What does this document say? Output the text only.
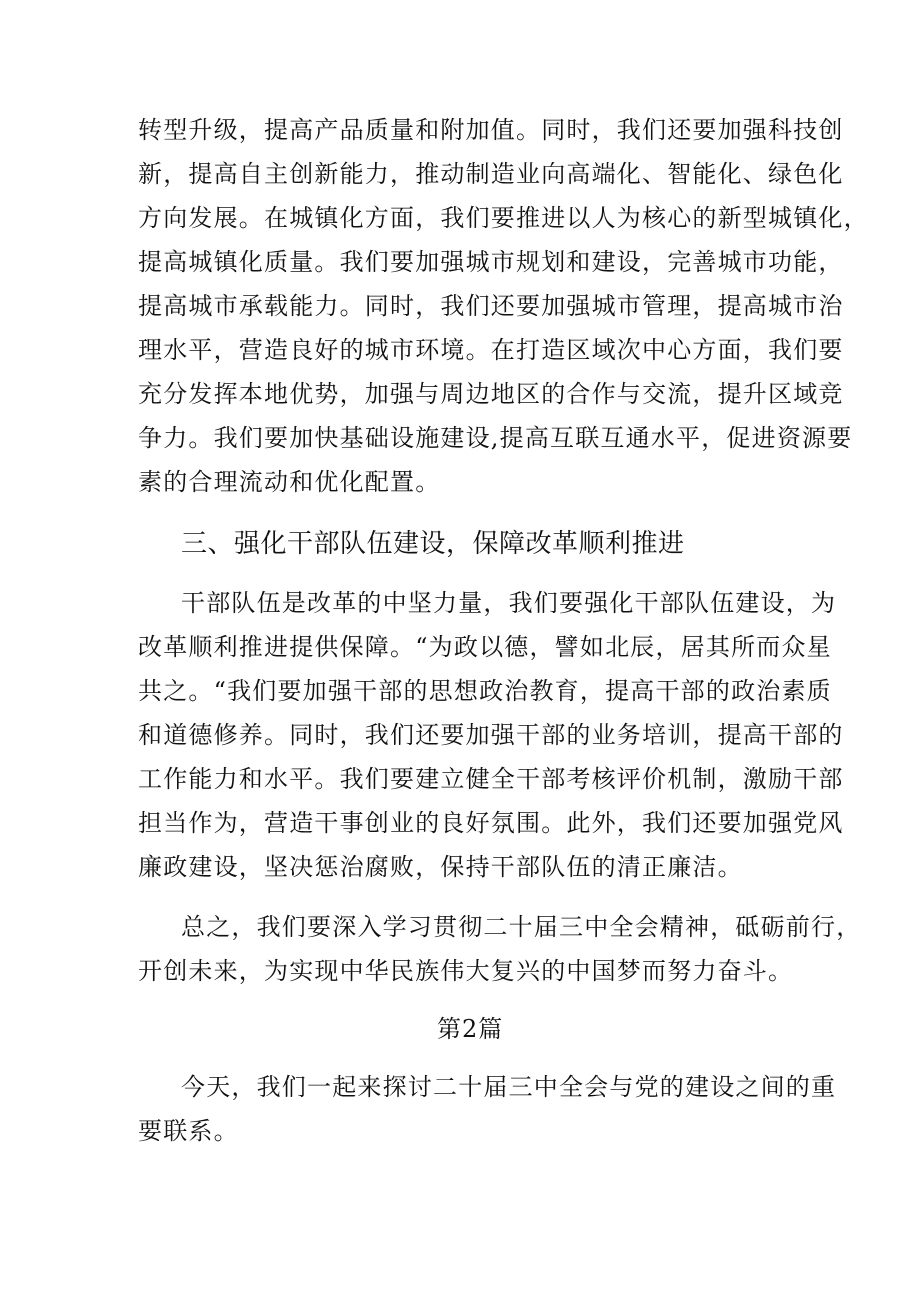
转型升级，提高产品质量和附加值。同时，我们还要加强科技创
新，提高自主创新能力，推动制造业向高端化、智能化、绿色化
方向发展。在城镇化方面，我们要推进以人为核心的新型城镇化，
提高城镇化质量。我们要加强城市规划和建设，完善城市功能，
提高城市承载能力。同时，我们还要加强城市管理，提高城市治
理水平，营造良好的城市环境。在打造区域次中心方面，我们要
充分发挥本地优势，加强与周边地区的合作与交流，提升区域竞
争力。我们要加快基础设施建设,提高互联互通水平，促进资源要
素的合理流动和优化配置。
三、强化干部队伍建设，保障改革顺利推进
干部队伍是改革的中坚力量，我们要强化干部队伍建设，为
改革顺利推进提供保障。“为政以德，譬如北辰，居其所而众星
共之。“我们要加强干部的思想政治教育，提高干部的政治素质
和道德修养。同时，我们还要加强干部的业务培训，提高干部的
工作能力和水平。我们要建立健全干部考核评价机制，激励干部
担当作为，营造干事创业的良好氛围。此外，我们还要加强党风
廉政建设，坚决惩治腐败，保持干部队伍的清正廉洁。
总之，我们要深入学习贯彻二十届三中全会精神，砥砺前行，
开创未来，为实现中华民族伟大复兴的中国梦而努力奋斗。
第2篇
今天，我们一起来探讨二十届三中全会与党的建设之间的重
要联系。
